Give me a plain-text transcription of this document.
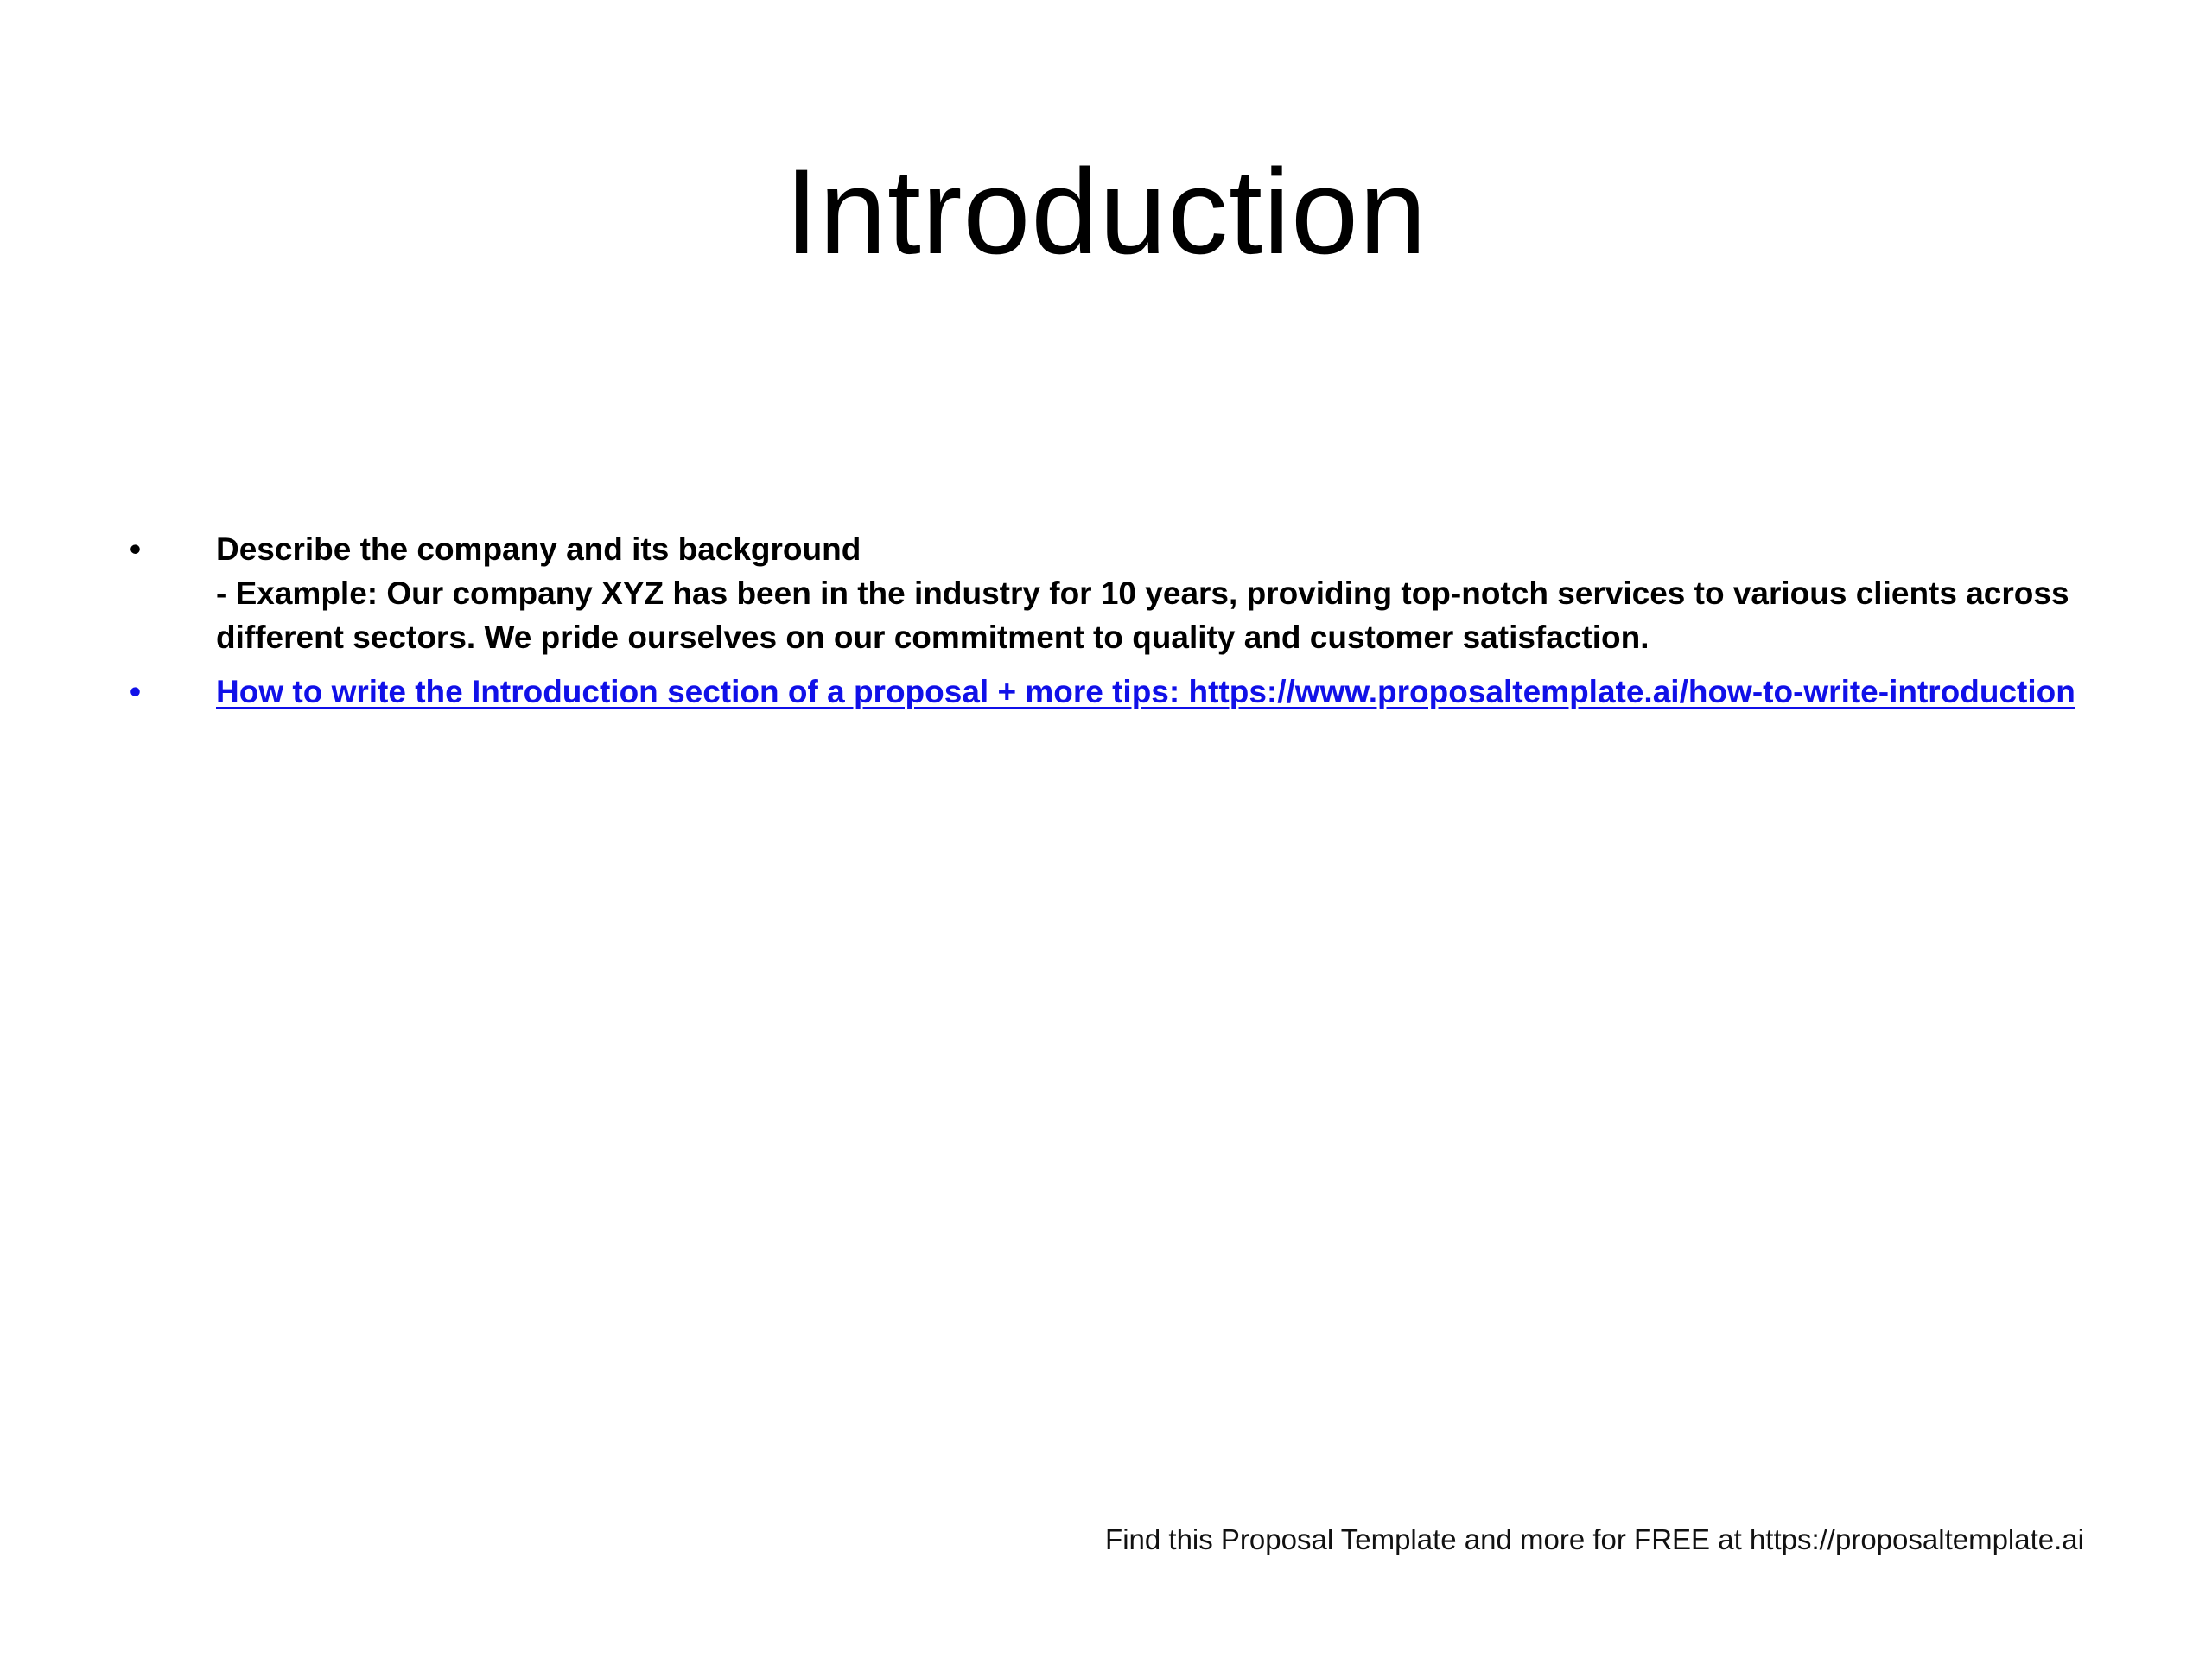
Introduction
•	Describe the company and its background
- Example: Our company XYZ has been in the industry for 10 years, providing top-notch services to various clients across different sectors. We pride ourselves on our commitment to quality and customer satisfaction.
•	How to write the Introduction section of a proposal + more tips: https://www.proposaltemplate.ai/how-to-write-introduction
Find this Proposal Template and more for FREE at https://proposaltemplate.ai
